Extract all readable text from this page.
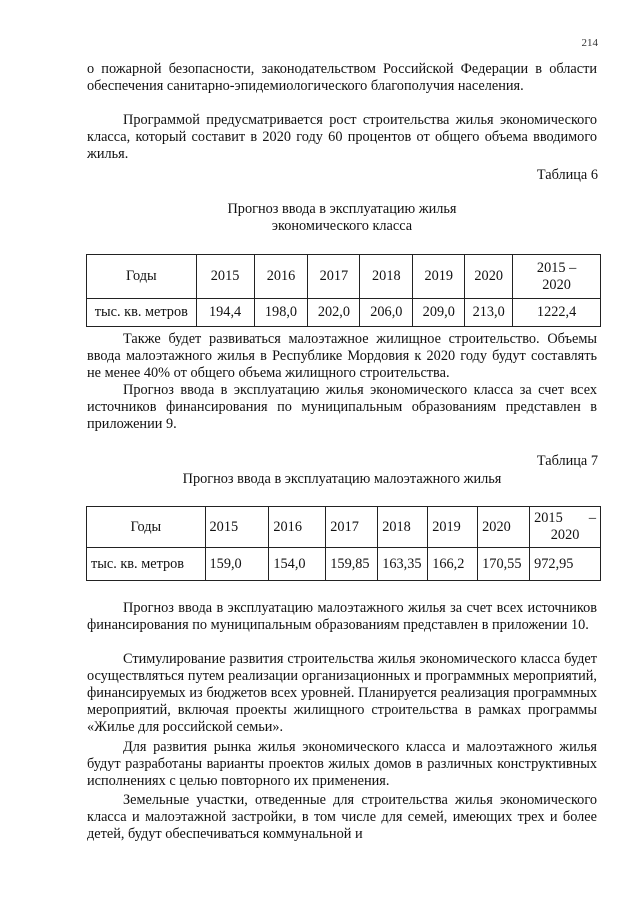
214

о пожарной безопасности, законодательством Российской Федерации в области обеспечения санитарно-эпидемиологического благополучия населения.

Программой предусматривается рост строительства жилья экономического класса, который составит в 2020 году 60 процентов от общего объема вводимого жилья.

Таблица 6
Прогноз ввода в эксплуатацию жилья
экономического класса
Годы	2015	2016	2017	2018	2019	2020	2015 –
2020
тыс. кв. метров	194,4	198,0	202,0	206,0	209,0	213,0	1222,4

Также будет развиваться малоэтажное жилищное строительство. Объемы ввода малоэтажного жилья в Республике Мордовия к 2020 году будут составлять не менее 40% от общего объема жилищного строительства.

Прогноз ввода в эксплуатацию жилья экономического класса за счет всех источников финансирования по муниципальным образованиям представлен в приложении 9.

Таблица 7
Прогноз ввода в эксплуатацию малоэтажного жилья
Годы	2015	2016	2017	2018	2019	2020	2015 –
2020

тыс. кв. метров	159,0	154,0	159,85	163,35	166,2	170,55	972,95

Прогноз ввода в эксплуатацию малоэтажного жилья за счет всех источников финансирования по муниципальным образованиям представлен в приложении 10.

Стимулирование развития строительства жилья экономического класса будет осуществляться путем реализации организационных и программных мероприятий, финансируемых из бюджетов всех уровней. Планируется реализация программных мероприятий, включая проекты жилищного строительства в рамках программы «Жилье для российской семьи».

Для развития рынка жилья экономического класса и малоэтажного жилья будут разработаны варианты проектов жилых домов в различных конструктивных исполнениях с целью повторного их применения.

Земельные участки, отведенные для строительства жилья экономического класса и малоэтажной застройки, в том числе для семей, имеющих трех и более детей, будут обеспечиваться коммунальной и
